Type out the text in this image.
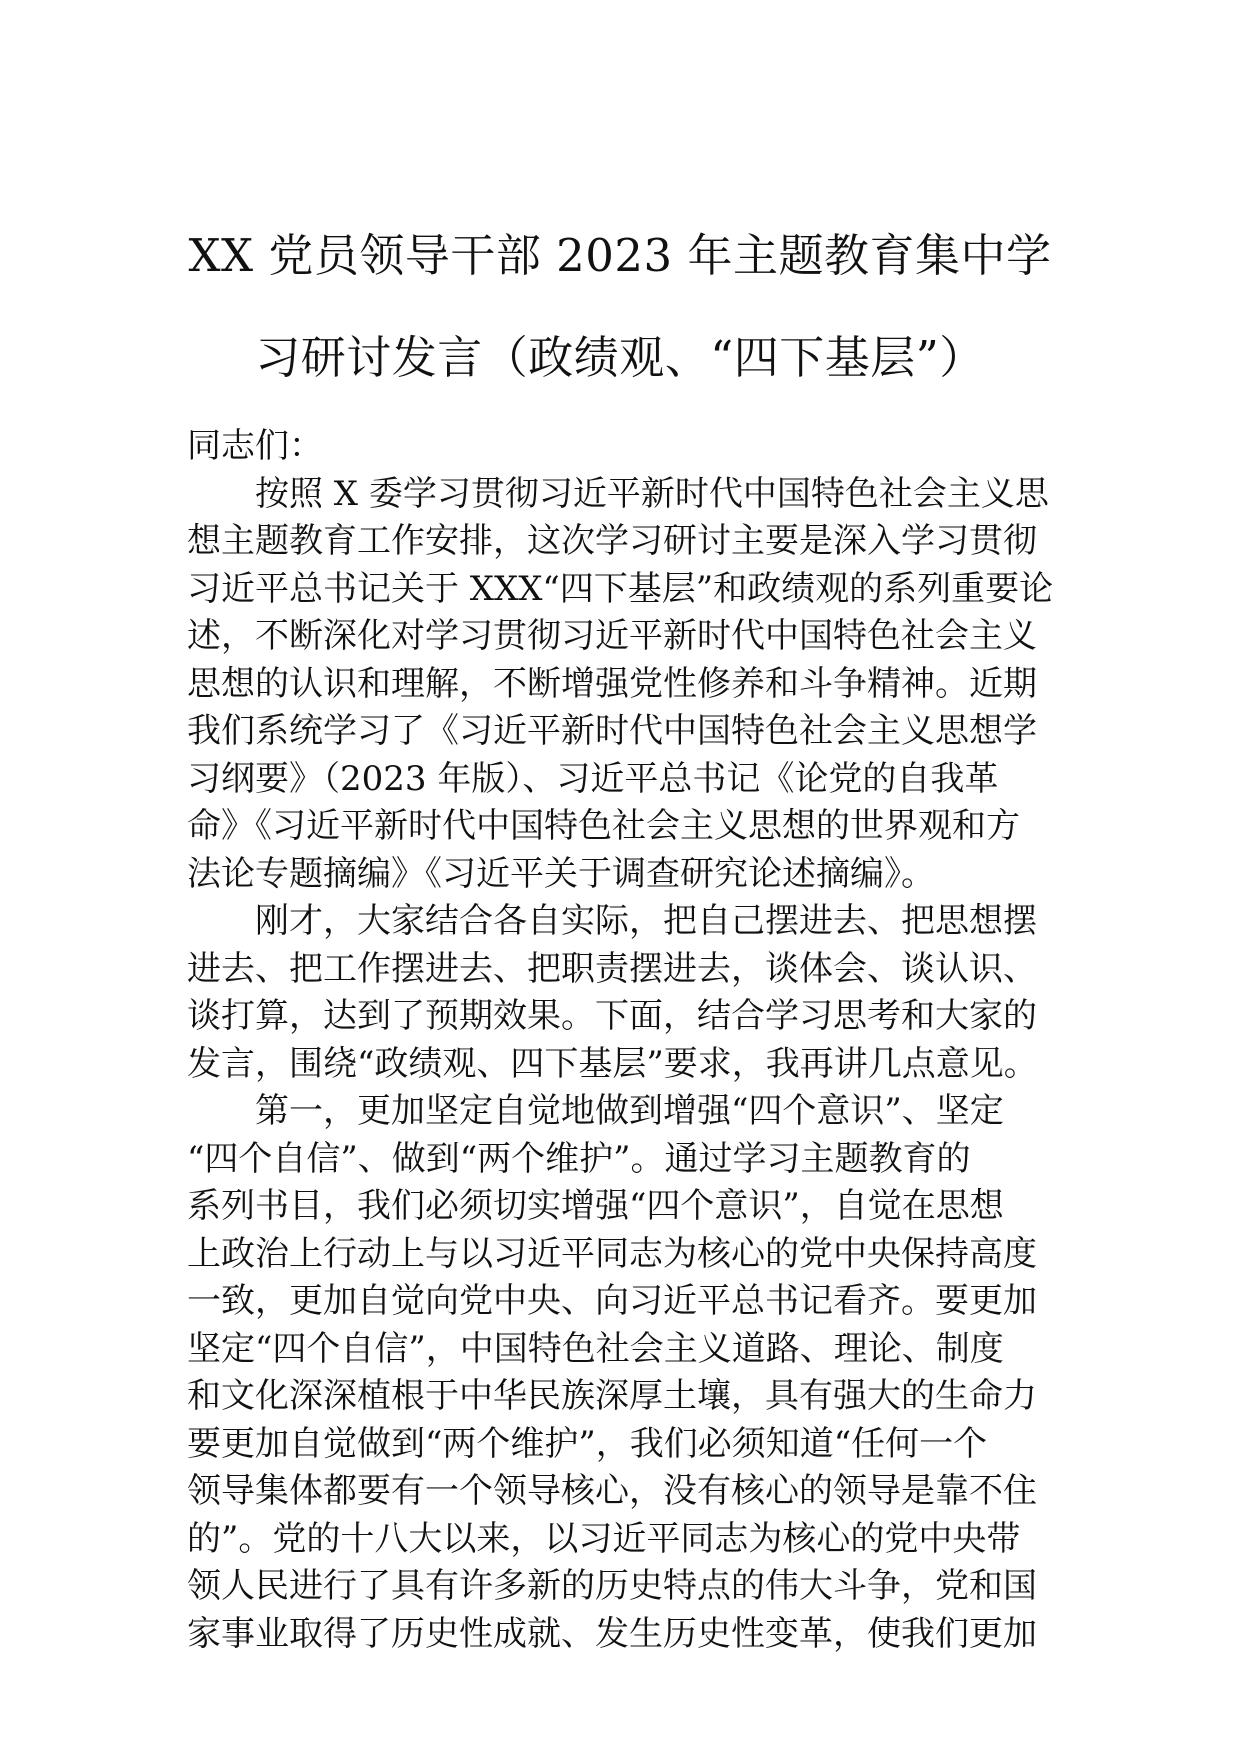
XX 党员领导干部 2023 年主题教育集中学
习研讨发言（政绩观、“四下基层”）

同志们：

按照 X 委学习贯彻习近平新时代中国特色社会主义思
想主题教育工作安排，这次学习研讨主要是深入学习贯彻
习近平总书记关于 XXX“四下基层”和政绩观的系列重要论
述，不断深化对学习贯彻习近平新时代中国特色社会主义
思想的认识和理解，不断增强党性修养和斗争精神。近期
我们系统学习了《习近平新时代中国特色社会主义思想学
习纲要》（2023 年版）、习近平总书记《论党的自我革
命》《习近平新时代中国特色社会主义思想的世界观和方
法论专题摘编》《习近平关于调查研究论述摘编》。

刚才，大家结合各自实际，把自己摆进去、把思想摆
进去、把工作摆进去、把职责摆进去，谈体会、谈认识、
谈打算，达到了预期效果。下面，结合学习思考和大家的
发言，围绕“政绩观、四下基层”要求，我再讲几点意见。

第一，更加坚定自觉地做到增强“四个意识”、坚定
“四个自信”、做到“两个维护”。通过学习主题教育的
系列书目，我们必须切实增强“四个意识”，自觉在思想
上政治上行动上与以习近平同志为核心的党中央保持高度
一致，更加自觉向党中央、向习近平总书记看齐。要更加
坚定“四个自信”，中国特色社会主义道路、理论、制度
和文化深深植根于中华民族深厚土壤，具有强大的生命力
要更加自觉做到“两个维护”，我们必须知道“任何一个
领导集体都要有一个领导核心，没有核心的领导是靠不住
的”。党的十八大以来，以习近平同志为核心的党中央带
领人民进行了具有许多新的历史特点的伟大斗争，党和国
家事业取得了历史性成就、发生历史性变革，使我们更加
